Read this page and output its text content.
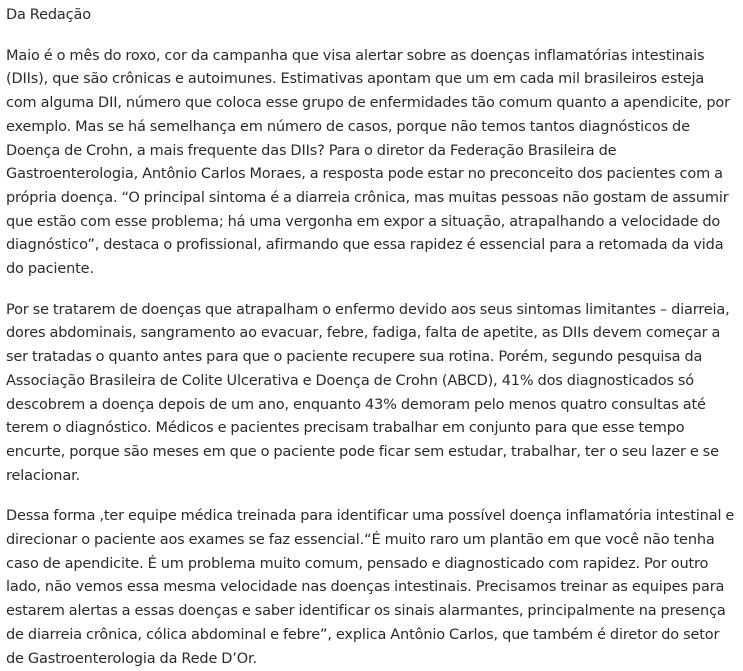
Da Redação

Maio é o mês do roxo, cor da campanha que visa alertar sobre as doenças inflamatórias intestinais (DIIs), que são crônicas e autoimunes. Estimativas apontam que um em cada mil brasileiros esteja com alguma DII, número que coloca esse grupo de enfermidades tão comum quanto a apendicite, por exemplo. Mas se há semelhança em número de casos, porque não temos tantos diagnósticos de Doença de Crohn, a mais frequente das DIIs? Para o diretor da Federação Brasileira de Gastroenterologia, Antônio Carlos Moraes, a resposta pode estar no preconceito dos pacientes com a própria doença. “O principal sintoma é a diarreia crônica, mas muitas pessoas não gostam de assumir que estão com esse problema; há uma vergonha em expor a situação, atrapalhando a velocidade do diagnóstico”, destaca o profissional, afirmando que essa rapidez é essencial para a retomada da vida do paciente.

Por se tratarem de doenças que atrapalham o enfermo devido aos seus sintomas limitantes – diarreia, dores abdominais, sangramento ao evacuar, febre, fadiga, falta de apetite, as DIIs devem começar a ser tratadas o quanto antes para que o paciente recupere sua rotina. Porém, segundo pesquisa da Associação Brasileira de Colite Ulcerativa e Doença de Crohn (ABCD), 41% dos diagnosticados só descobrem a doença depois de um ano, enquanto 43% demoram pelo menos quatro consultas até terem o diagnóstico. Médicos e pacientes precisam trabalhar em conjunto para que esse tempo encurte, porque são meses em que o paciente pode ficar sem estudar, trabalhar, ter o seu lazer e se relacionar.

Dessa forma ,ter equipe médica treinada para identificar uma possível doença inflamatória intestinal e direcionar o paciente aos exames se faz essencial.“É muito raro um plantão em que você não tenha caso de apendicite. É um problema muito comum, pensado e diagnosticado com rapidez. Por outro lado, não vemos essa mesma velocidade nas doenças intestinais. Precisamos treinar as equipes para estarem alertas a essas doenças e saber identificar os sinais alarmantes, principalmente na presença de diarreia crônica, cólica abdominal e febre”, explica Antônio Carlos, que também é diretor do setor de Gastroenterologia da Rede D’Or.
